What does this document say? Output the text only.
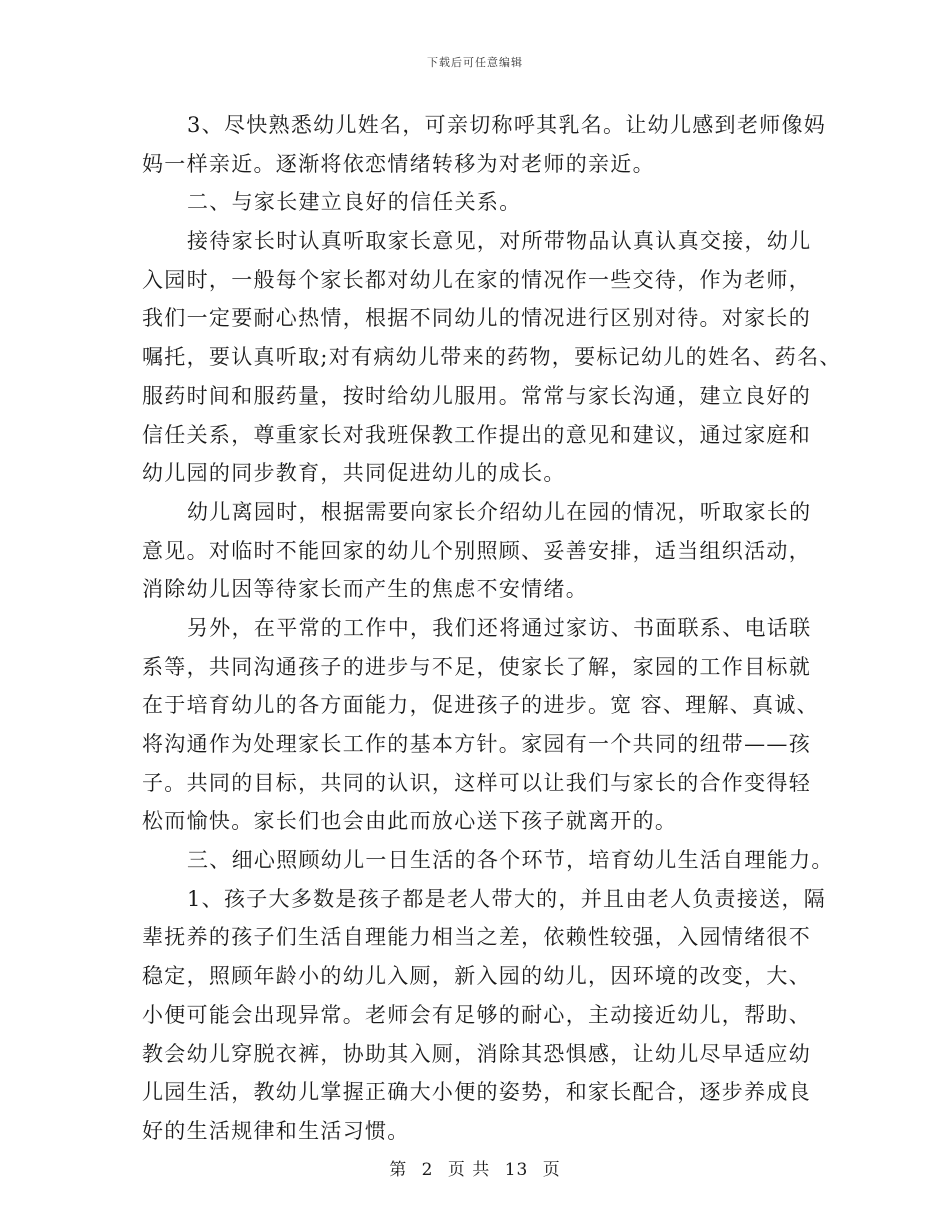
下载后可任意编辑
3、尽快熟悉幼儿姓名，可亲切称呼其乳名。让幼儿感到老师像妈
妈一样亲近。逐渐将依恋情绪转移为对老师的亲近。
二、与家长建立良好的信任关系。
接待家长时认真听取家长意见，对所带物品认真认真交接，幼儿
入园时，一般每个家长都对幼儿在家的情况作一些交待，作为老师，
我们一定要耐心热情，根据不同幼儿的情况进行区别对待。对家长的
嘱托，要认真听取;对有病幼儿带来的药物，要标记幼儿的姓名、药名、
服药时间和服药量，按时给幼儿服用。常常与家长沟通，建立良好的
信任关系，尊重家长对我班保教工作提出的意见和建议，通过家庭和
幼儿园的同步教育，共同促进幼儿的成长。
幼儿离园时，根据需要向家长介绍幼儿在园的情况，听取家长的
意见。对临时不能回家的幼儿个别照顾、妥善安排，适当组织活动，
消除幼儿因等待家长而产生的焦虑不安情绪。
另外，在平常的工作中，我们还将通过家访、书面联系、电话联
系等，共同沟通孩子的进步与不足，使家长了解，家园的工作目标就
在于培育幼儿的各方面能力，促进孩子的进步。宽 容、理解、真诚、
将沟通作为处理家长工作的基本方针。家园有一个共同的纽带——孩
子。共同的目标，共同的认识，这样可以让我们与家长的合作变得轻
松而愉快。家长们也会由此而放心送下孩子就离开的。
三、细心照顾幼儿一日生活的各个环节，培育幼儿生活自理能力。
1、孩子大多数是孩子都是老人带大的，并且由老人负责接送，隔
辈抚养的孩子们生活自理能力相当之差，依赖性较强，入园情绪很不
稳定，照顾年龄小的幼儿入厕，新入园的幼儿，因环境的改变，大、
小便可能会出现异常。老师会有足够的耐心，主动接近幼儿，帮助、
教会幼儿穿脱衣裤，协助其入厕，消除其恐惧感，让幼儿尽早适应幼
儿园生活，教幼儿掌握正确大小便的姿势，和家长配合，逐步养成良
好的生活规律和生活习惯。
第 2 页 共 13 页
